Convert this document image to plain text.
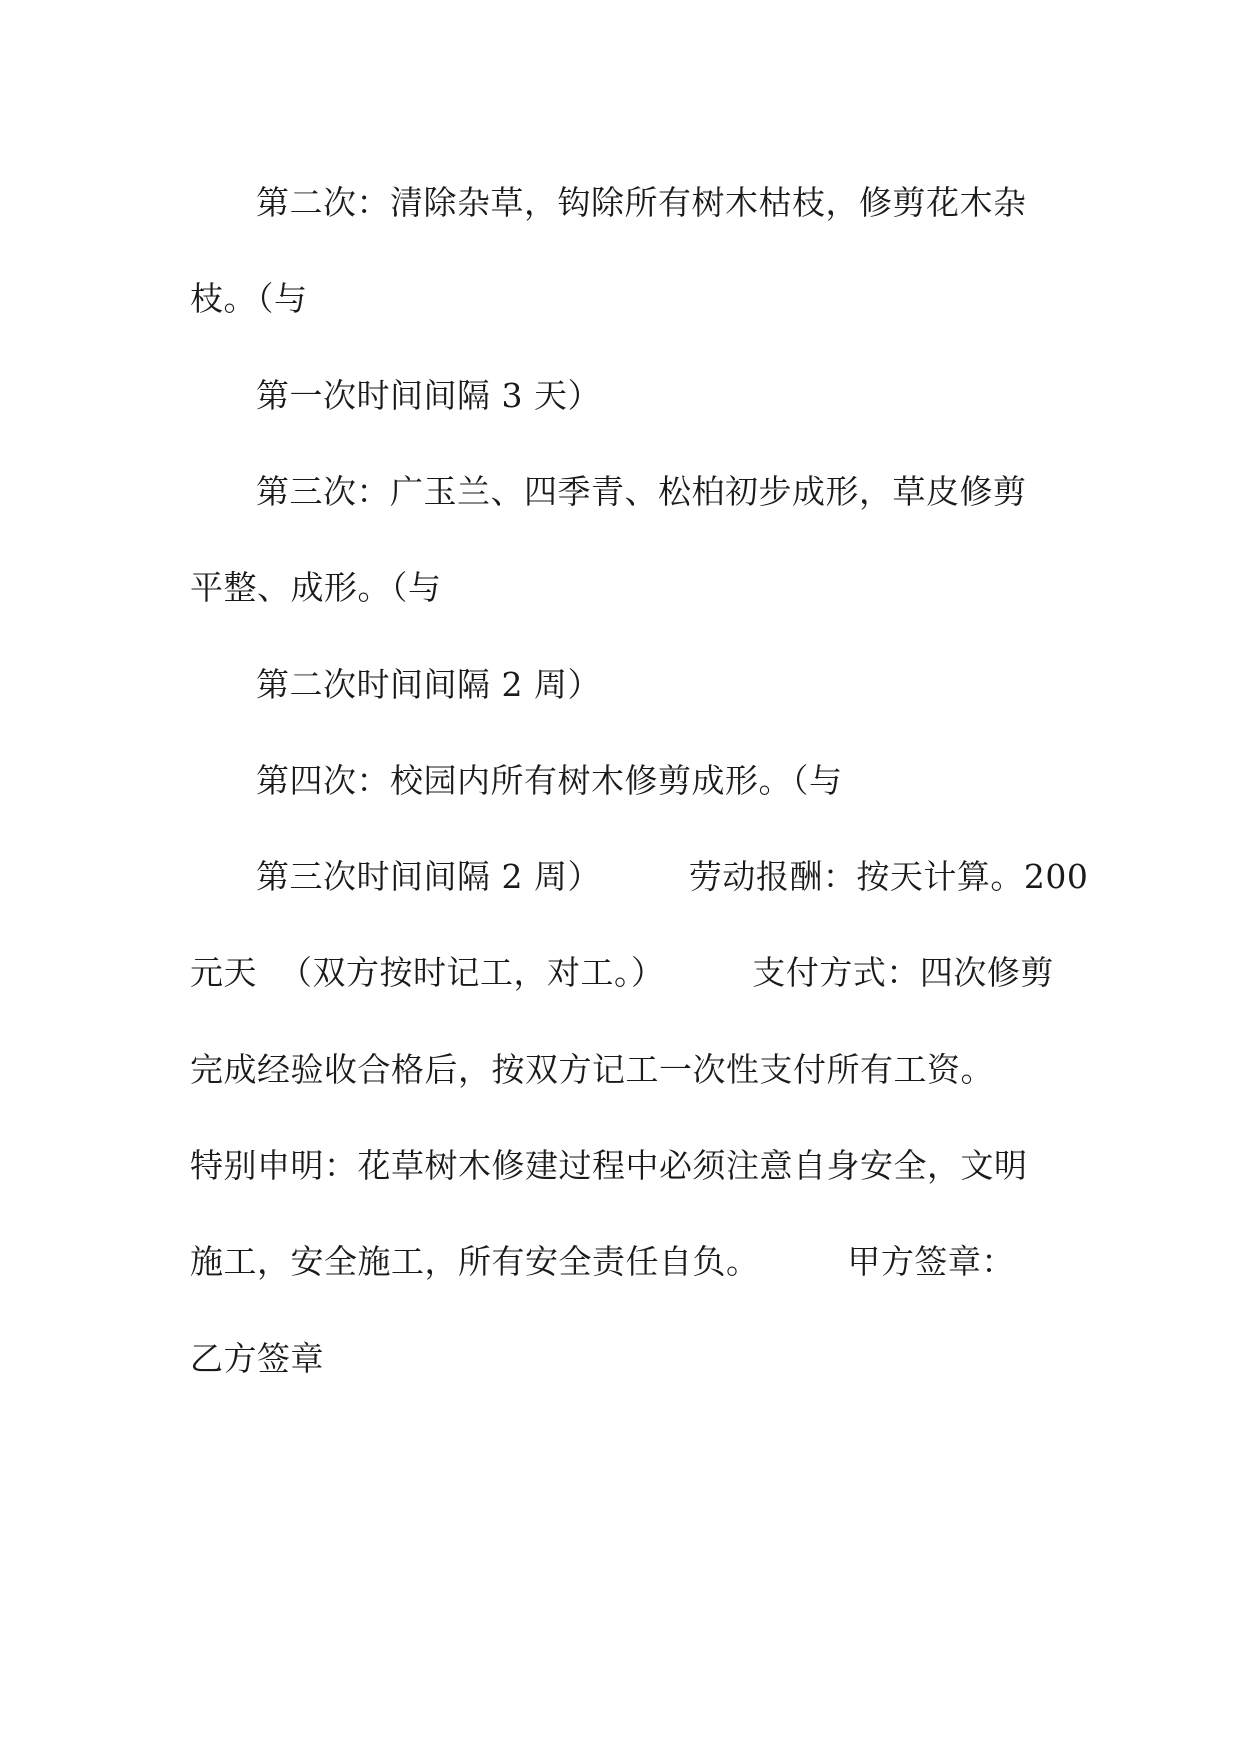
第二次：清除杂草，钩除所有树木枯枝，修剪花木杂
枝。（与
第一次时间间隔 3 天）
第三次：广玉兰、四季青、松柏初步成形，草皮修剪
平整、成形。（与
第二次时间间隔 2 周）
第四次：校园内所有树木修剪成形。（与
第三次时间间隔 2 周）        劳动报酬：按天计算。200
元天  （双方按时记工，对工。）        支付方式：四次修剪
完成经验收合格后，按双方记工一次性支付所有工资。
特别申明：花草树木修建过程中必须注意自身安全，文明
施工，安全施工，所有安全责任自负。        甲方签章：
乙方签章
